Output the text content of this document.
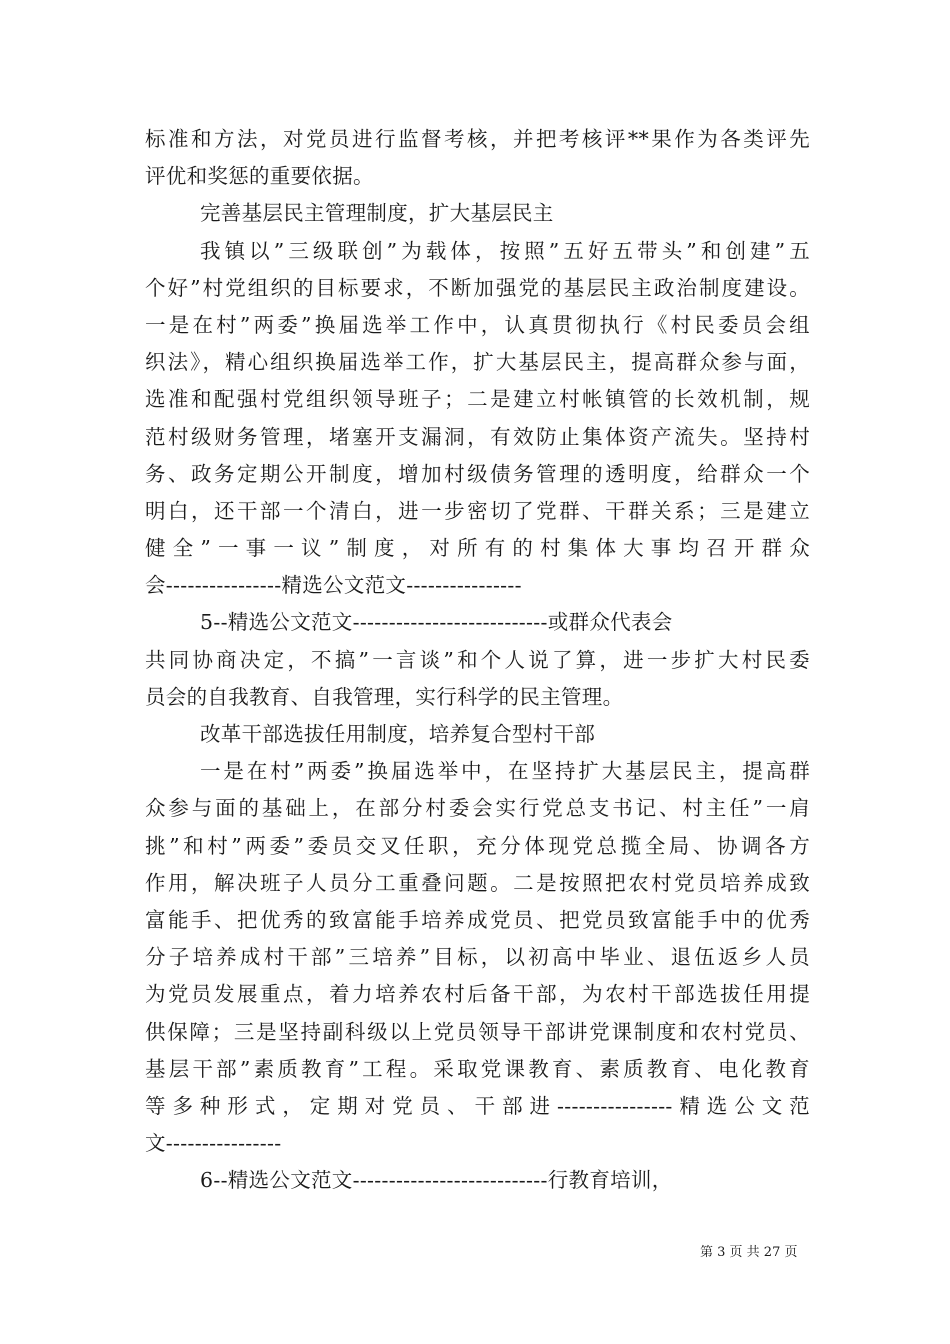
标准和方法，对党员进行监督考核，并把考核评**果作为各类评先
评优和奖惩的重要依据。
完善基层民主管理制度，扩大基层民主
我镇以”三级联创”为载体，按照”五好五带头”和创建”五
个好”村党组织的目标要求，不断加强党的基层民主政治制度建设。
一是在村”两委”换届选举工作中，认真贯彻执行《村民委员会组
织法》，精心组织换届选举工作，扩大基层民主，提高群众参与面，
选准和配强村党组织领导班子；二是建立村帐镇管的长效机制，规
范村级财务管理，堵塞开支漏洞，有效防止集体资产流失。坚持村
务、政务定期公开制度，增加村级债务管理的透明度，给群众一个
明白，还干部一个清白，进一步密切了党群、干群关系；三是建立
健全”一事一议”制度，对所有的村集体大事均召开群众
会----------------精选公文范文----------------
5--精选公文范文---------------------------或群众代表会
共同协商决定，不搞”一言谈”和个人说了算，进一步扩大村民委
员会的自我教育、自我管理，实行科学的民主管理。
改革干部选拔任用制度，培养复合型村干部
一是在村”两委”换届选举中，在坚持扩大基层民主，提高群
众参与面的基础上，在部分村委会实行党总支书记、村主任”一肩
挑”和村”两委”委员交叉任职，充分体现党总揽全局、协调各方
作用，解决班子人员分工重叠问题。二是按照把农村党员培养成致
富能手、把优秀的致富能手培养成党员、把党员致富能手中的优秀
分子培养成村干部”三培养”目标，以初高中毕业、退伍返乡人员
为党员发展重点，着力培养农村后备干部，为农村干部选拔任用提
供保障；三是坚持副科级以上党员领导干部讲党课制度和农村党员、
基层干部”素质教育”工程。采取党课教育、素质教育、电化教育
等多种形式，定期对党员、干部进----------------精选公文范
文----------------
6--精选公文范文---------------------------行教育培训，
第 3 页 共 27 页
